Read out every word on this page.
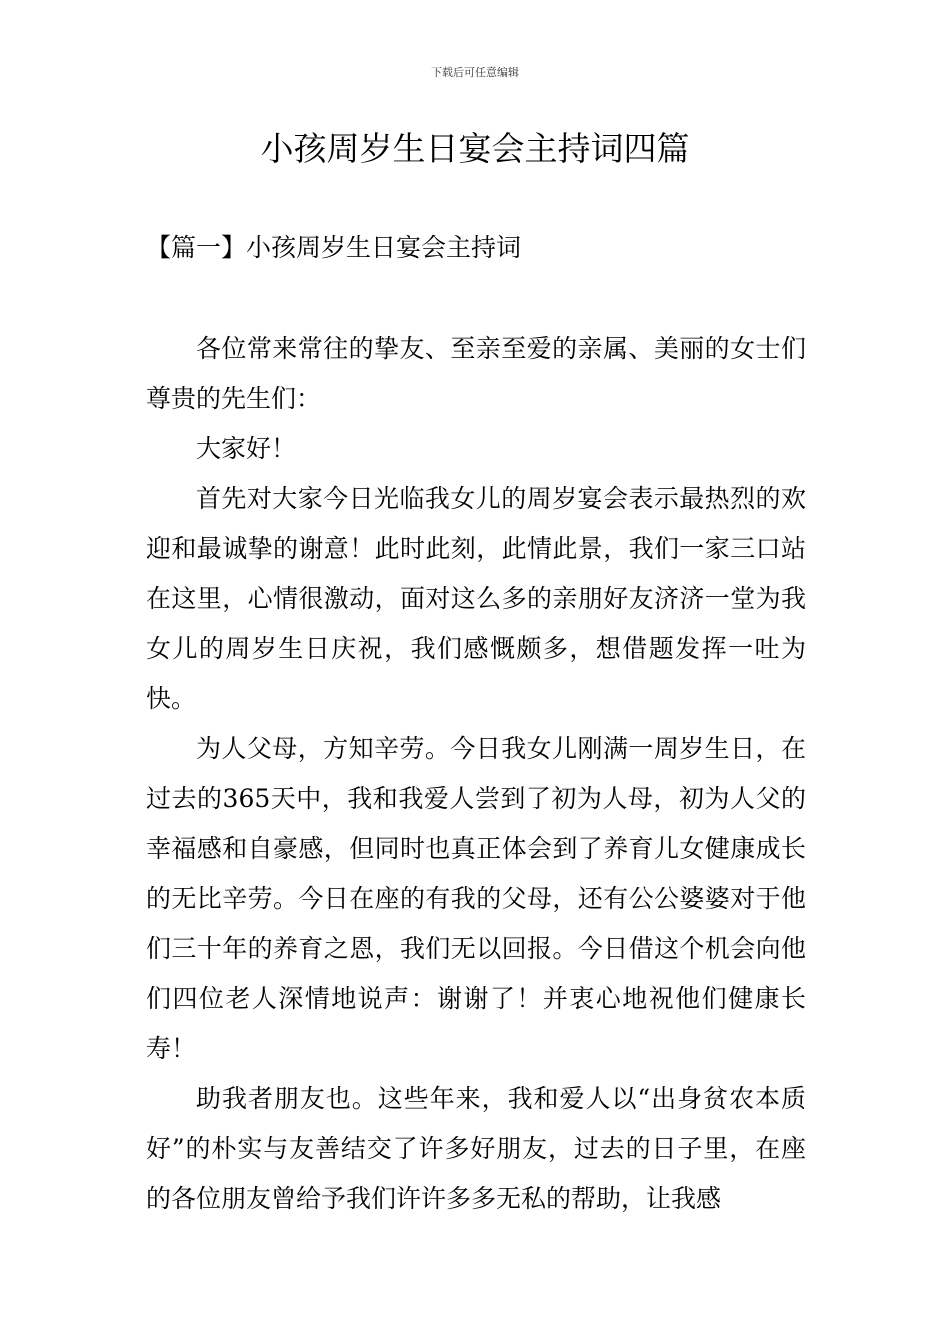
下载后可任意编辑
小孩周岁生日宴会主持词四篇
【篇一】小孩周岁生日宴会主持词

各位常来常往的挚友、至亲至爱的亲属、美丽的女士们尊贵的先生们：

大家好！

首先对大家今日光临我女儿的周岁宴会表示最热烈的欢迎和最诚挚的谢意！此时此刻，此情此景，我们一家三口站在这里，心情很激动，面对这么多的亲朋好友济济一堂为我女儿的周岁生日庆祝，我们感慨颇多，想借题发挥一吐为快。

为人父母，方知辛劳。今日我女儿刚满一周岁生日，在过去的365天中，我和我爱人尝到了初为人母，初为人父的幸福感和自豪感，但同时也真正体会到了养育儿女健康成长的无比辛劳。今日在座的有我的父母，还有公公婆婆对于他们三十年的养育之恩，我们无以回报。今日借这个机会向他们四位老人深情地说声：谢谢了！并衷心地祝他们健康长寿！

助我者朋友也。这些年来，我和爱人以“出身贫农本质好”的朴实与友善结交了许多好朋友，过去的日子里，在座的各位朋友曾给予我们许许多多无私的帮助，让我感
